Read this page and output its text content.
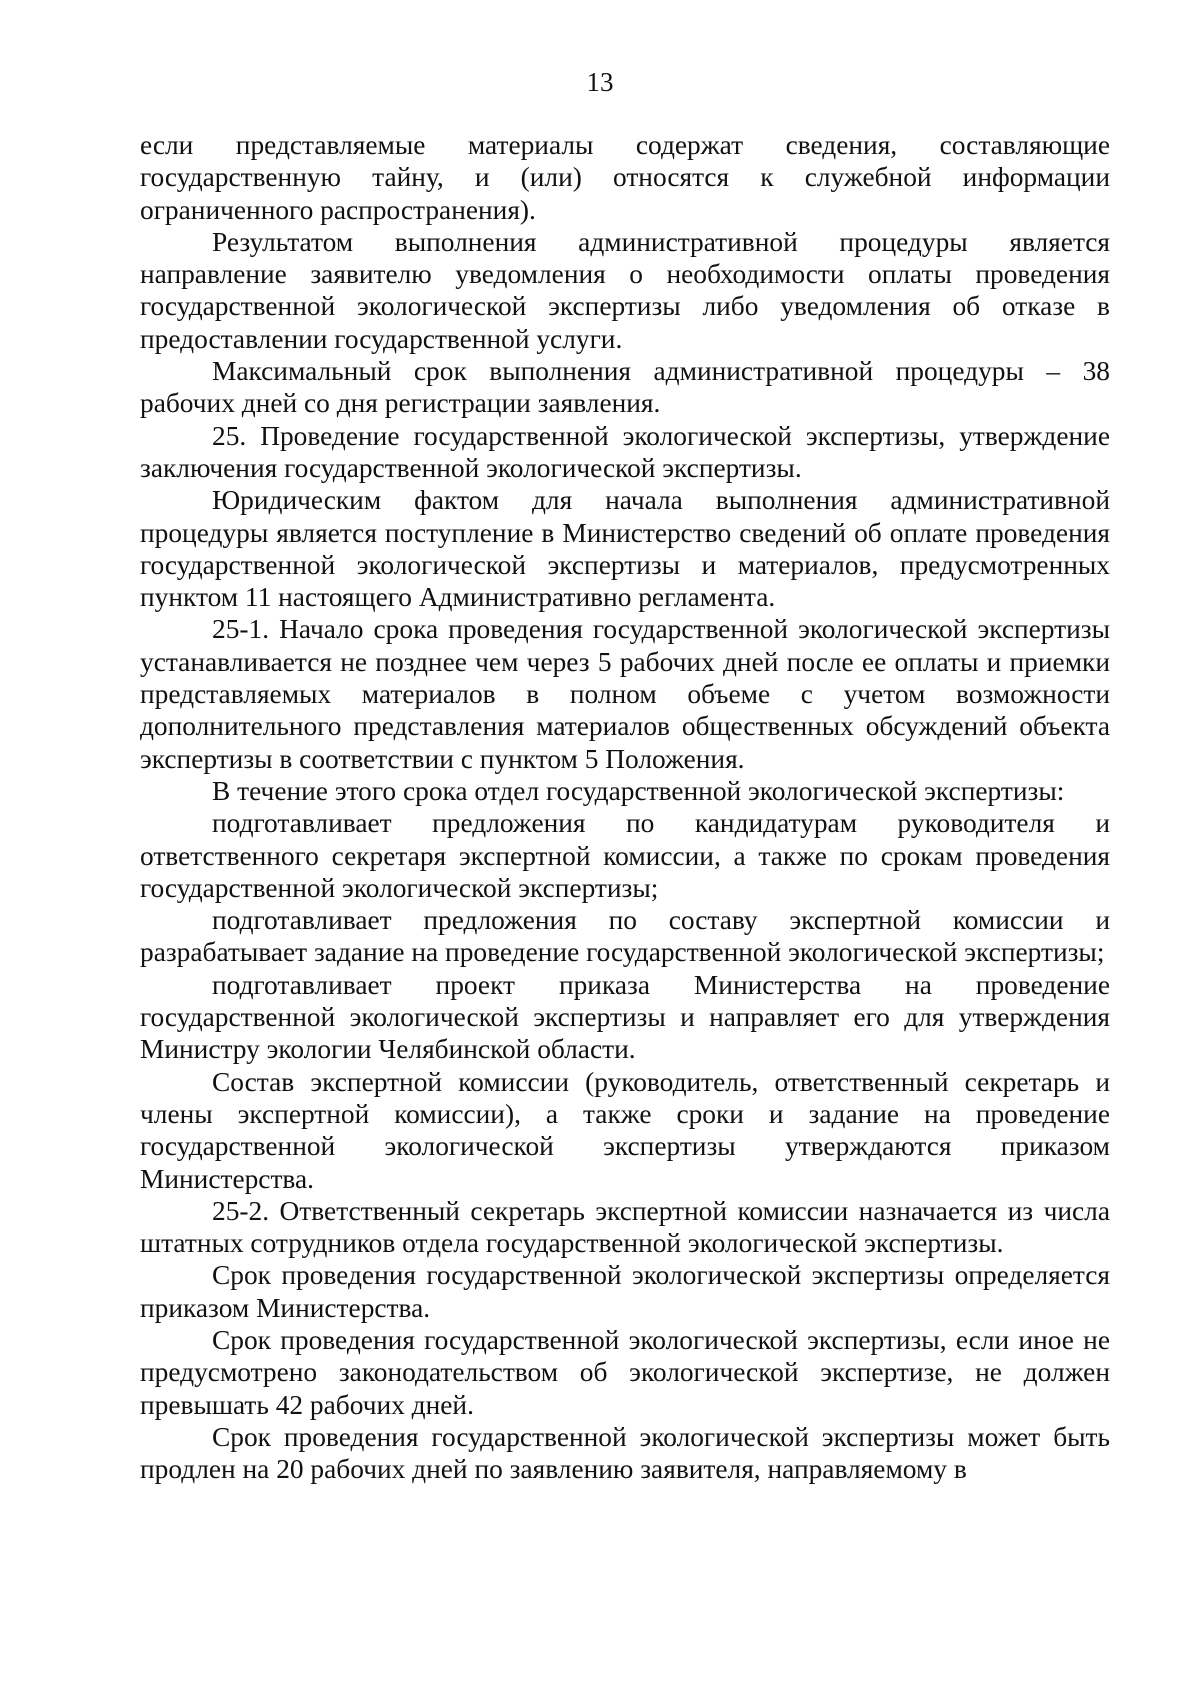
13

если представляемые материалы содержат сведения, составляющие государственную тайну, и (или) относятся к служебной информации ограниченного распространения).

Результатом выполнения административной процедуры является направление заявителю уведомления о необходимости оплаты проведения государственной экологической экспертизы либо уведомления об отказе в предоставлении государственной услуги.

Максимальный срок выполнения административной процедуры – 38 рабочих дней со дня регистрации заявления.

25. Проведение государственной экологической экспертизы, утверждение заключения государственной экологической экспертизы.

Юридическим фактом для начала выполнения административной процедуры является поступление в Министерство сведений об оплате проведения государственной экологической экспертизы и материалов, предусмотренных пунктом 11 настоящего Административно регламента.

25-1. Начало срока проведения государственной экологической экспертизы устанавливается не позднее чем через 5 рабочих дней после ее оплаты и приемки представляемых материалов в полном объеме с учетом возможности дополнительного представления материалов общественных обсуждений объекта экспертизы в соответствии с пунктом 5 Положения.

В течение этого срока отдел государственной экологической экспертизы:

подготавливает предложения по кандидатурам руководителя и ответственного секретаря экспертной комиссии, а также по срокам проведения государственной экологической экспертизы;

подготавливает предложения по составу экспертной комиссии и разрабатывает задание на проведение государственной экологической экспертизы;

подготавливает проект приказа Министерства на проведение государственной экологической экспертизы и направляет его для утверждения Министру экологии Челябинской области.

Состав экспертной комиссии (руководитель, ответственный секретарь и члены экспертной комиссии), а также сроки и задание на проведение государственной экологической экспертизы утверждаются приказом Министерства.

25-2. Ответственный секретарь экспертной комиссии назначается из числа штатных сотрудников отдела государственной экологической экспертизы.

Срок проведения государственной экологической экспертизы определяется приказом Министерства.

Срок проведения государственной экологической экспертизы, если иное не предусмотрено законодательством об экологической экспертизе, не должен превышать 42 рабочих дней.

Срок проведения государственной экологической экспертизы может быть продлен на 20 рабочих дней по заявлению заявителя, направляемому в
